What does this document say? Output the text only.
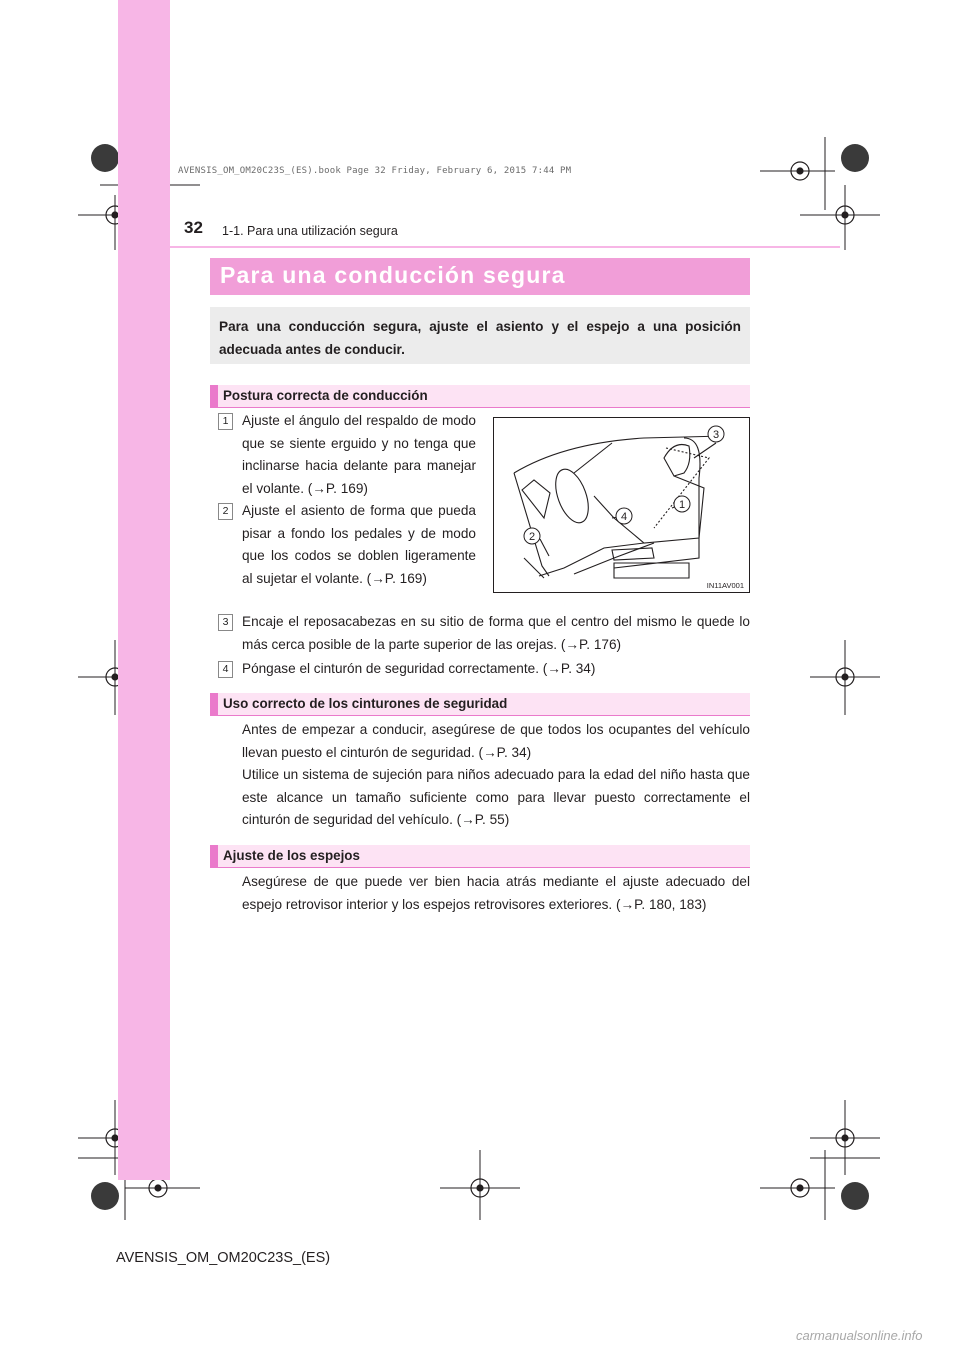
AVENSIS_OM_OM20C23S_(ES).book Page 32 Friday, February 6, 2015 7:44 PM
32 1-1. Para una utilización segura
Para una conducción segura
Para una conducción segura, ajuste el asiento y el espejo a una posición adecuada antes de conducir.
Postura correcta de conducción
1 Ajuste el ángulo del respaldo de modo que se siente erguido y no tenga que inclinarse hacia delante para manejar el volante. (→P. 169)
2 Ajuste el asiento de forma que pueda pisar a fondo los pedales y de modo que los codos se doblen ligeramente al sujetar el volante. (→P. 169)
3 Encaje el reposacabezas en su sitio de forma que el centro del mismo le quede lo más cerca posible de la parte superior de las orejas. (→P. 176)
4 Póngase el cinturón de seguridad correctamente. (→P. 34)
1
2
3
4
IN11AV001
Uso correcto de los cinturones de seguridad
Antes de empezar a conducir, asegúrese de que todos los ocupantes del vehículo llevan puesto el cinturón de seguridad. (→P. 34)
Utilice un sistema de sujeción para niños adecuado para la edad del niño hasta que este alcance un tamaño suficiente como para llevar puesto correctamente el cinturón de seguridad del vehículo. (→P. 55)
Ajuste de los espejos
Asegúrese de que puede ver bien hacia atrás mediante el ajuste adecuado del espejo retrovisor interior y los espejos retrovisores exteriores. (→P. 180, 183)
AVENSIS_OM_OM20C23S_(ES)
carmanualsonline.info
